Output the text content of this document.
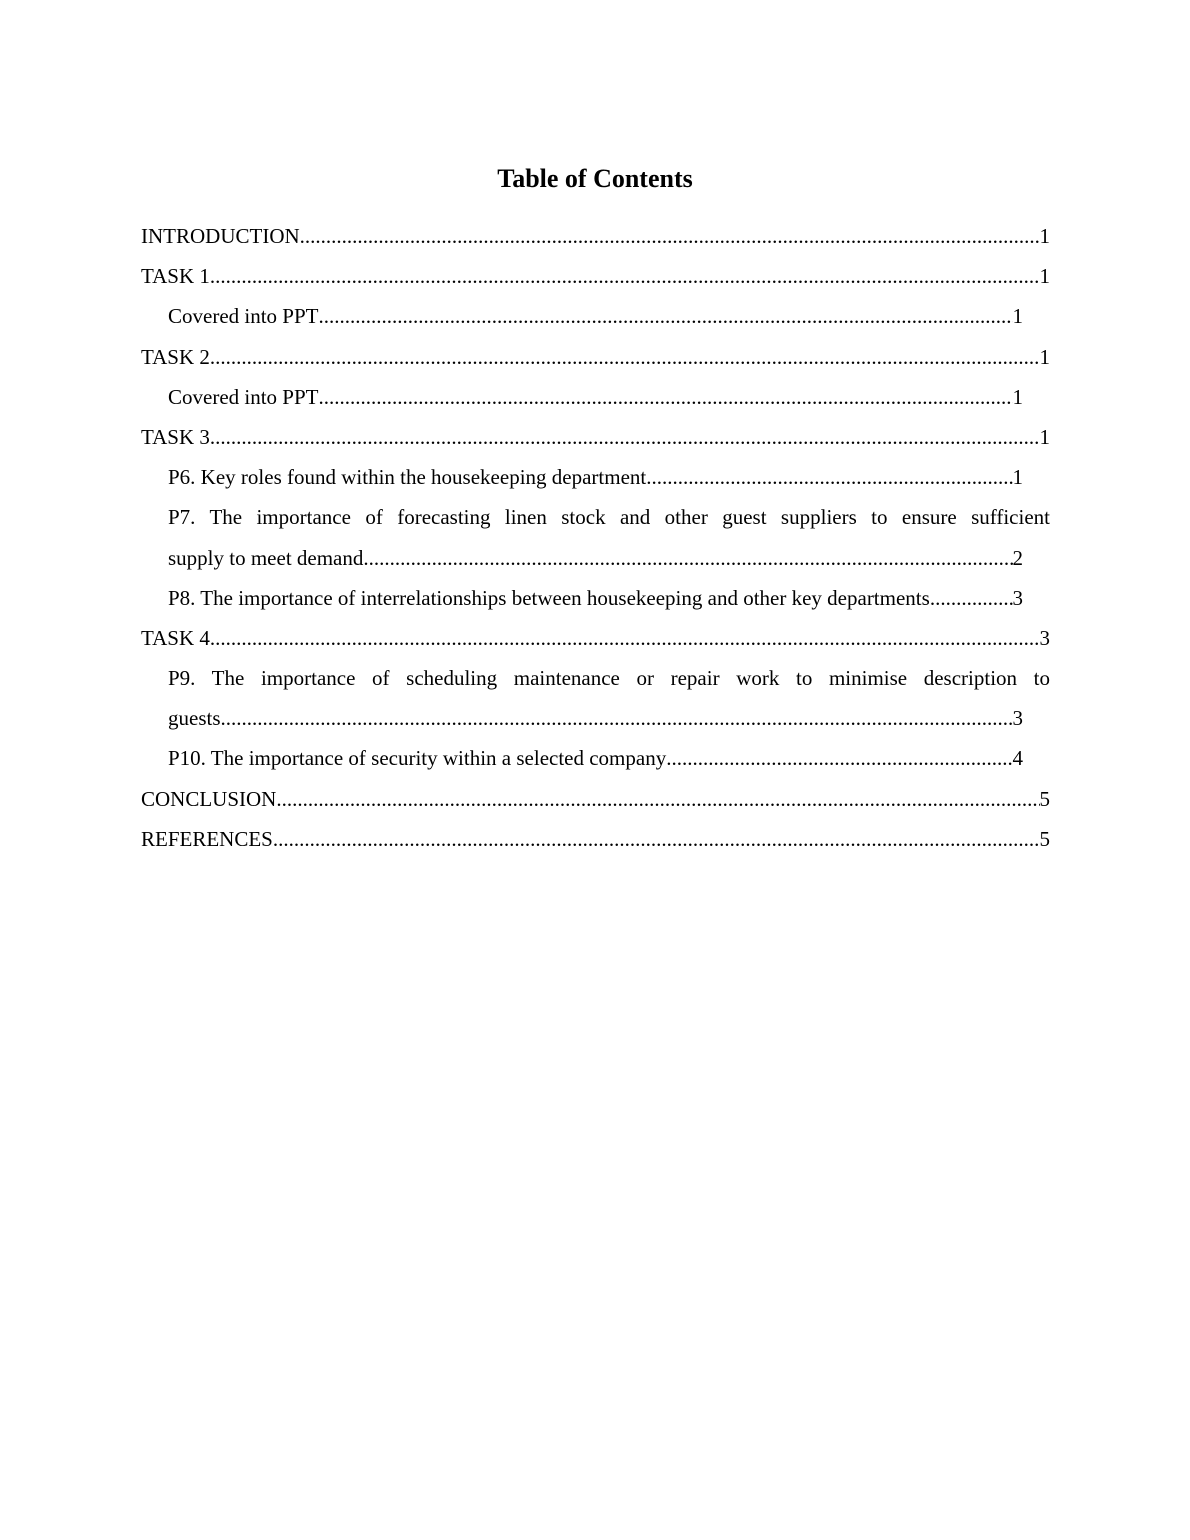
Table of Contents
INTRODUCTION .....	1
TASK 1 .....	1
Covered into PPT .....	1
TASK 2 .....	1
Covered into PPT .....	1
TASK 3 .....	1
P6. Key roles found within the housekeeping department .....	1
P7. The importance of forecasting linen stock and other guest suppliers to ensure sufficient
supply to meet demand .....	2
P8. The importance of interrelationships between housekeeping and other key departments .....	3
TASK 4 .....	3
P9. The importance of scheduling maintenance or repair work to minimise description to
guests .....	3
P10. The importance of security within a selected company .....	4
CONCLUSION .....	5
REFERENCES .....	5
